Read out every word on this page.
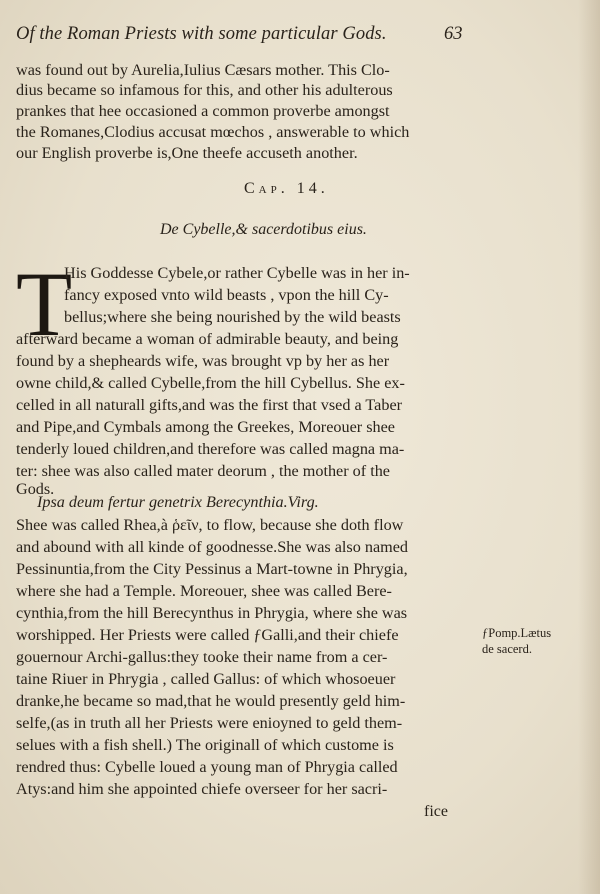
Of the Roman Priests with some particular Gods.	63
was found out by Aurelia,Iulius Cæsars mother. This Clo-
dius became so infamous for this, and other his adulterous
prankes that hee occasioned a common proverbe amongst
the Romanes,Clodius accusat mœchos , answerable to which
our English proverbe is,One theefe accuseth another.
Cap. 14.
De Cybelle,& sacerdotibus eius.
T
His Goddesse Cybele,or rather Cybelle was in her in-
fancy exposed vnto wild beasts , vpon the hill Cy-
bellus;where she being nourished by the wild beasts
afterward became a woman of admirable beauty, and being
found by a shepheards wife, was brought vp by her as her
owne child,& called Cybelle,from the hill Cybellus. She ex-
celled in all naturall gifts,and was the first that vsed a Taber
and Pipe,and Cymbals among the Greekes, Moreouer shee
tenderly loued children,and therefore was called magna ma-
ter: shee was also called mater deorum , the mother of the
Gods.
Ipsa deum fertur genetrix Berecynthia.Virg.
Shee was called Rhea,à ῥεῖν, to flow, because she doth flow
and abound with all kinde of goodnesse.She was also named
Pessinuntia,from the City Pessinus a Mart-towne in Phrygia,
where she had a Temple. Moreouer, shee was called Bere-
cynthia,from the hill Berecynthus in Phrygia, where she was
worshipped. Her Priests were called ƒGalli,and their chiefe
gouernour Archi-gallus:they tooke their name from a cer-
taine Riuer in Phrygia , called Gallus: of which whosoeuer
dranke,he became so mad,that he would presently geld him-
selfe,(as in truth all her Priests were enioyned to geld them-
selues with a fish shell.) The originall of which custome is
rendred thus: Cybelle loued a young man of Phrygia called
Atys:and him she appointed chiefe overseer for her sacri-
ƒPomp.Lætus
de sacerd.
fice
